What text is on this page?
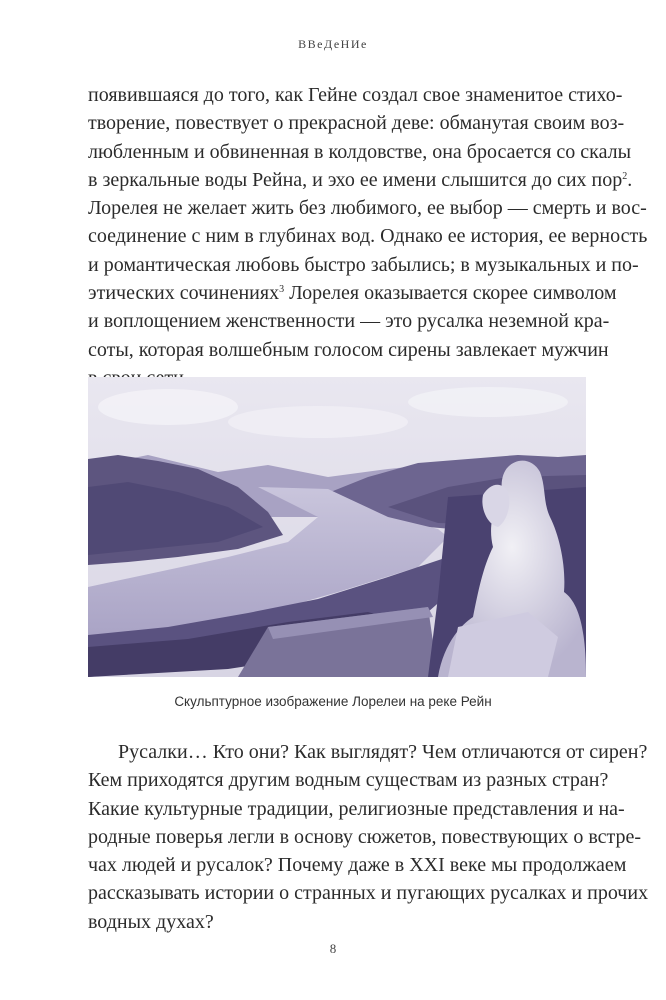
ВВеДеНИе

появившаяся до того, как Гейне создал свое знаменитое стихо-
творение, повествует о прекрасной деве: обманутая своим воз-
любленным и обвиненная в колдовстве, она бросается со скалы
в зеркальные воды Рейна, и эхо ее имени слышится до сих пор$^2$.
Лорелея не желает жить без любимого, ее выбор — смерть и вос-
соединение с ним в глубинах вод. Однако ее история, ее верность
и романтическая любовь быстро забылись; в музыкальных и по-
этических сочинениях$^3$ Лорелея оказывается скорее символом
и воплощением женственности — это русалка неземной кра-
соты, которая волшебным голосом сирены завлекает мужчин

Скульптурное изображение Лорелеи на реке Рейн

Русалки… Кто они? Как выглядят? Чем отличаются от сирен?
Кем приходятся другим водным существам из разных стран?
Какие культурные традиции, религиозные представления и на-
родные поверья легли в основу сюжетов, повествующих о встре-
чах людей и русалок? Почему даже в XXI веке мы продолжаем
рассказывать истории о странных и пугающих русалках и прочих
водных духах?

8
